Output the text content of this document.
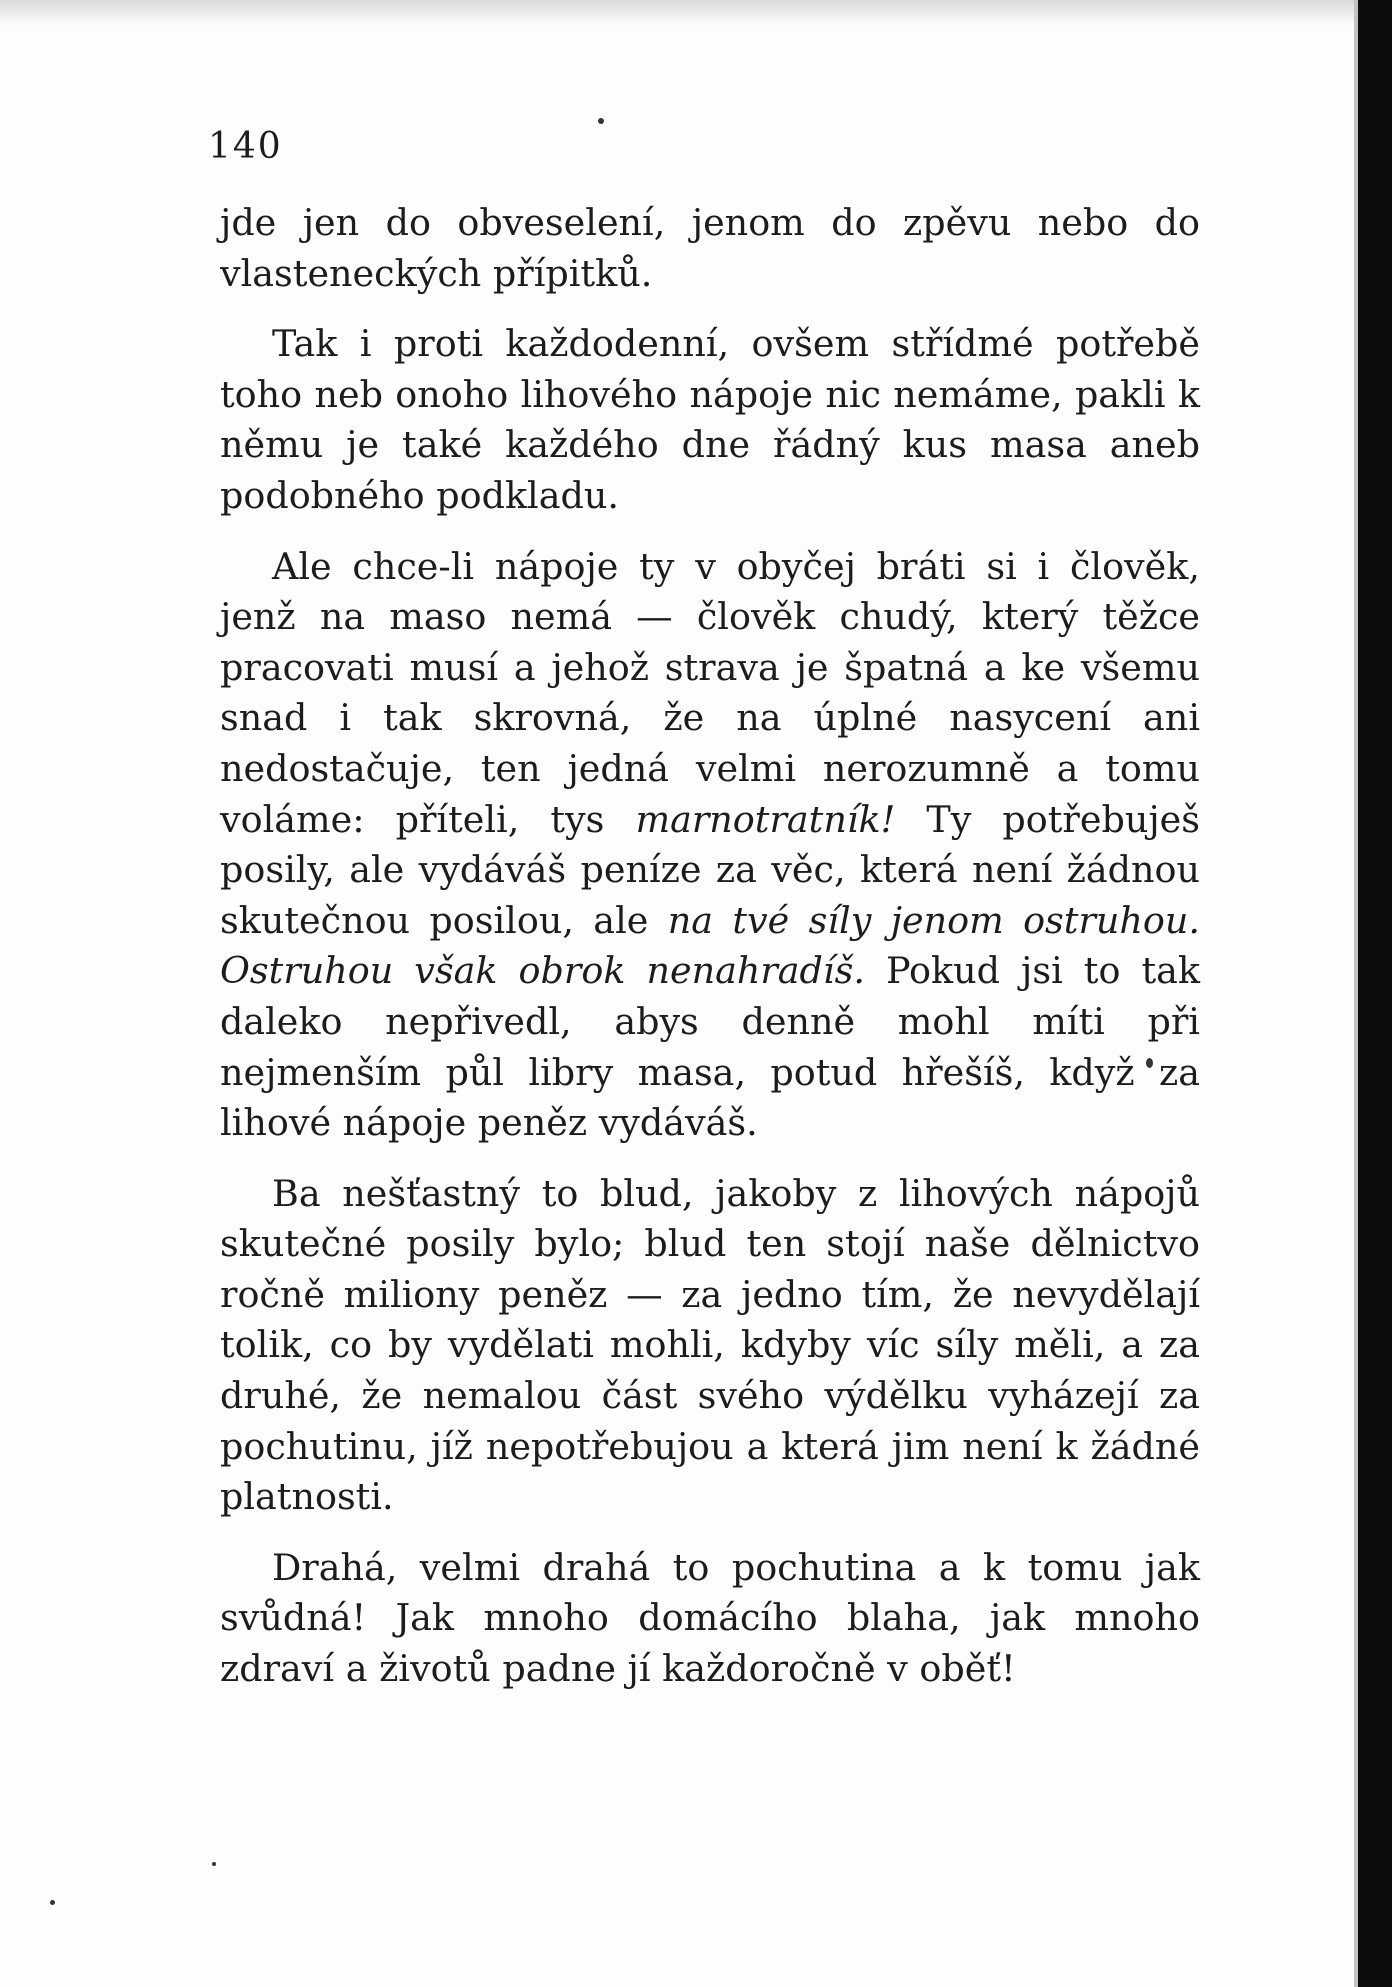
140

jde jen do obveselení, jenom do zpěvu nebo do vlasteneckých přípitků.

Tak i proti každodenní, ovšem střídmé potřebě toho neb onoho lihového nápoje nic nemáme, pakli k němu je také každého dne řádný kus masa aneb podobného podkladu.

Ale chce-li nápoje ty v obyčej bráti si i člověk, jenž na maso nemá — člověk chudý, který těžce pracovati musí a jehož strava je špatná a ke všemu snad i tak skrovná, že na úplné nasycení ani nedostačuje, ten jedná velmi nerozumně a tomu voláme: příteli, tys marnotratník! Ty potřebuješ posily, ale vydáváš peníze za věc, která není žádnou skutečnou posilou, ale na tvé síly jenom ostruhou. Ostruhou však obrok nenahradíš. Pokud jsi to tak daleko nepřivedl, abys denně mohl míti při nejmenším půl libry masa, potud hřešíš, když za lihové nápoje peněz vydáváš.

Ba nešťastný to blud, jakoby z lihových nápojů skutečné posily bylo; blud ten stojí naše dělnictvo ročně miliony peněz — za jedno tím, že nevydělají tolik, co by vydělati mohli, kdyby víc síly měli, a za druhé, že nemalou část svého výdělku vyházejí za pochutinu, jíž nepotřebujou a která jim není k žádné platnosti.

Drahá, velmi drahá to pochutina a k tomu jak svůdná! Jak mnoho domácího blaha, jak mnoho zdraví a životů padne jí každoročně v oběť!
